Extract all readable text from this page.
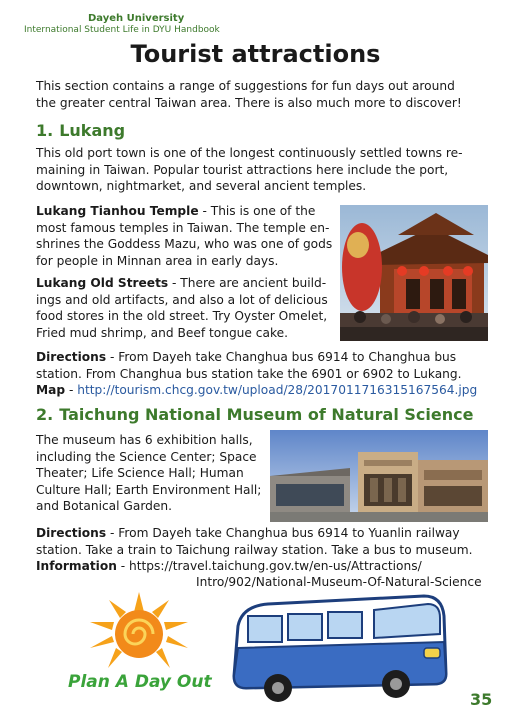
Dayeh University
International Student Life in DYU Handbook
Tourist attractions

This section contains a range of suggestions for fun days out around
the greater central Taiwan area. There is also much more to discover!

1. Lukang

This old port town is one of the longest continuously settled towns re-
maining in Taiwan. Popular tourist attractions here include the port,
downtown, nightmarket, and several ancient temples.

Lukang Tianhou Temple - This is one of the
most famous temples in Taiwan. The temple en-
shrines the Goddess Mazu, who was one of gods
for people in Minnan area in early days.

Lukang Old Streets - There are ancient build-
ings and old artifacts, and also a lot of delicious
food stores in the old street. Try Oyster Omelet,
Fried mud shrimp, and Beef tongue cake.

Directions - From Dayeh take Changhua bus 6914 to Changhua bus
station. From Changhua bus station take the 6901 or 6902 to Lukang.
Map - http://tourism.chcg.gov.tw/upload/28/2017011716315167564.jpg

2. Taichung National Museum of Natural Science

The museum has 6 exhibition halls,
including the Science Center; Space
Theater; Life Science Hall; Human
Culture Hall; Earth Environment Hall;
and Botanical Garden.

Directions - From Dayeh take Changhua bus 6914 to Yuanlin railway
station. Take a train to Taichung railway station. Take a bus to museum.
Information - https://travel.taichung.gov.tw/en-us/Attractions/

Intro/902/National-Museum-Of-Natural-Science

Plan A Day Out
35
